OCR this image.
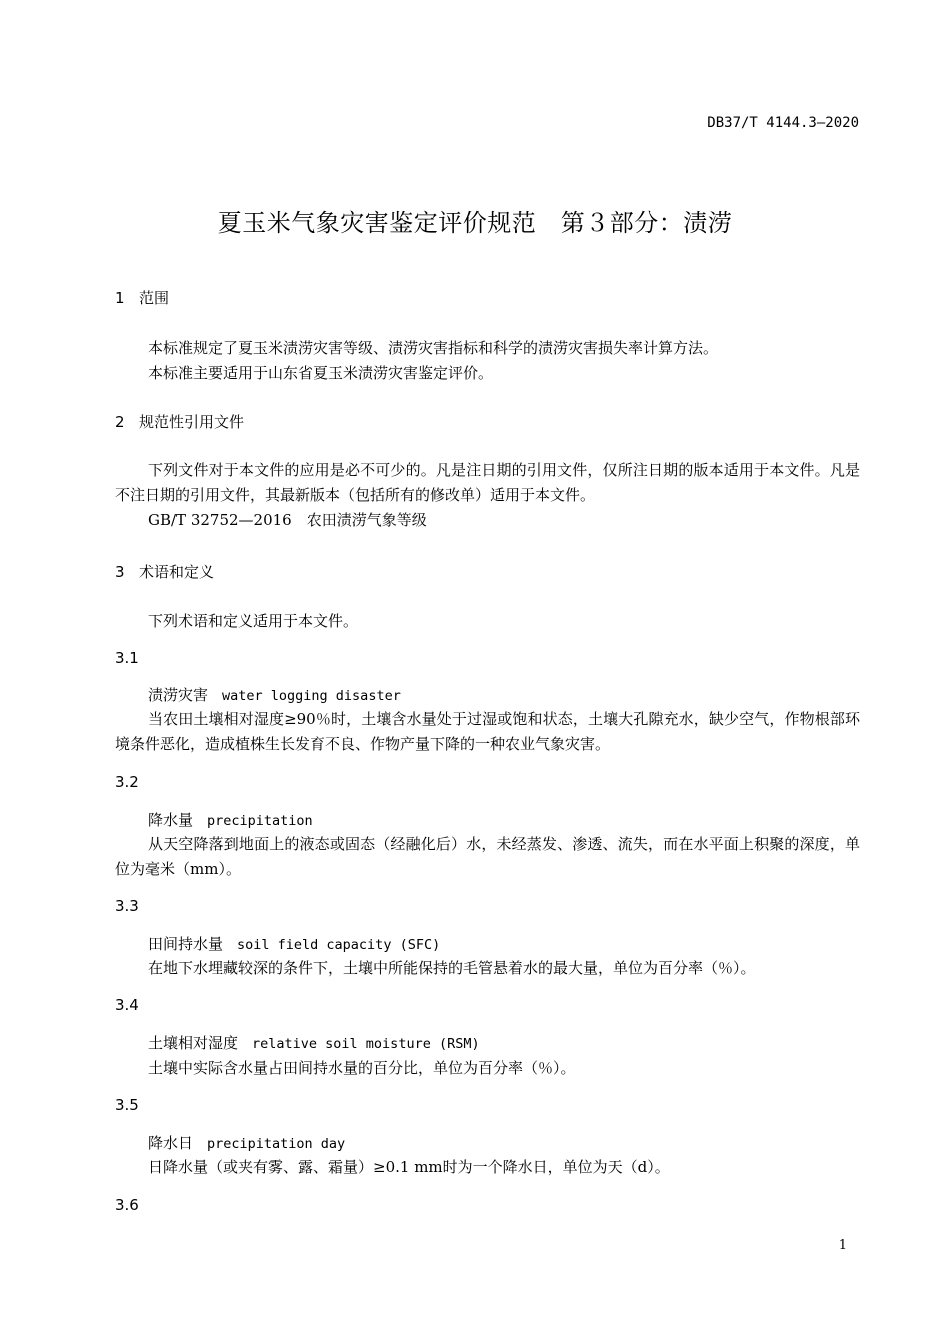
DB37/T 4144.3—2020
夏玉米气象灾害鉴定评价规范　第３部分：渍涝
1 范围
本标准规定了夏玉米渍涝灾害等级、渍涝灾害指标和科学的渍涝灾害损失率计算方法。
本标准主要适用于山东省夏玉米渍涝灾害鉴定评价。
2 规范性引用文件
下列文件对于本文件的应用是必不可少的。凡是注日期的引用文件，仅所注日期的版本适用于本文件。凡是不注日期的引用文件，其最新版本（包括所有的修改单）适用于本文件。
GB/T 32752—2016　农田渍涝气象等级
3 术语和定义
下列术语和定义适用于本文件。
3.1
渍涝灾害 water logging disaster
当农田土壤相对湿度≥90％时，土壤含水量处于过湿或饱和状态，土壤大孔隙充水，缺少空气，作物根部环境条件恶化，造成植株生长发育不良、作物产量下降的一种农业气象灾害。
3.2
降水量 precipitation
从天空降落到地面上的液态或固态（经融化后）水，未经蒸发、渗透、流失，而在水平面上积聚的深度，单位为毫米（mm）。
3.3
田间持水量 soil field capacity (SFC)
在地下水埋藏较深的条件下，土壤中所能保持的毛管悬着水的最大量，单位为百分率（％）。
3.4
土壤相对湿度 relative soil moisture (RSM)
土壤中实际含水量占田间持水量的百分比，单位为百分率（％）。
3.5
降水日 precipitation day
日降水量（或夹有雾、露、霜量）≥0.1 mm时为一个降水日，单位为天（d）。
3.6
1
